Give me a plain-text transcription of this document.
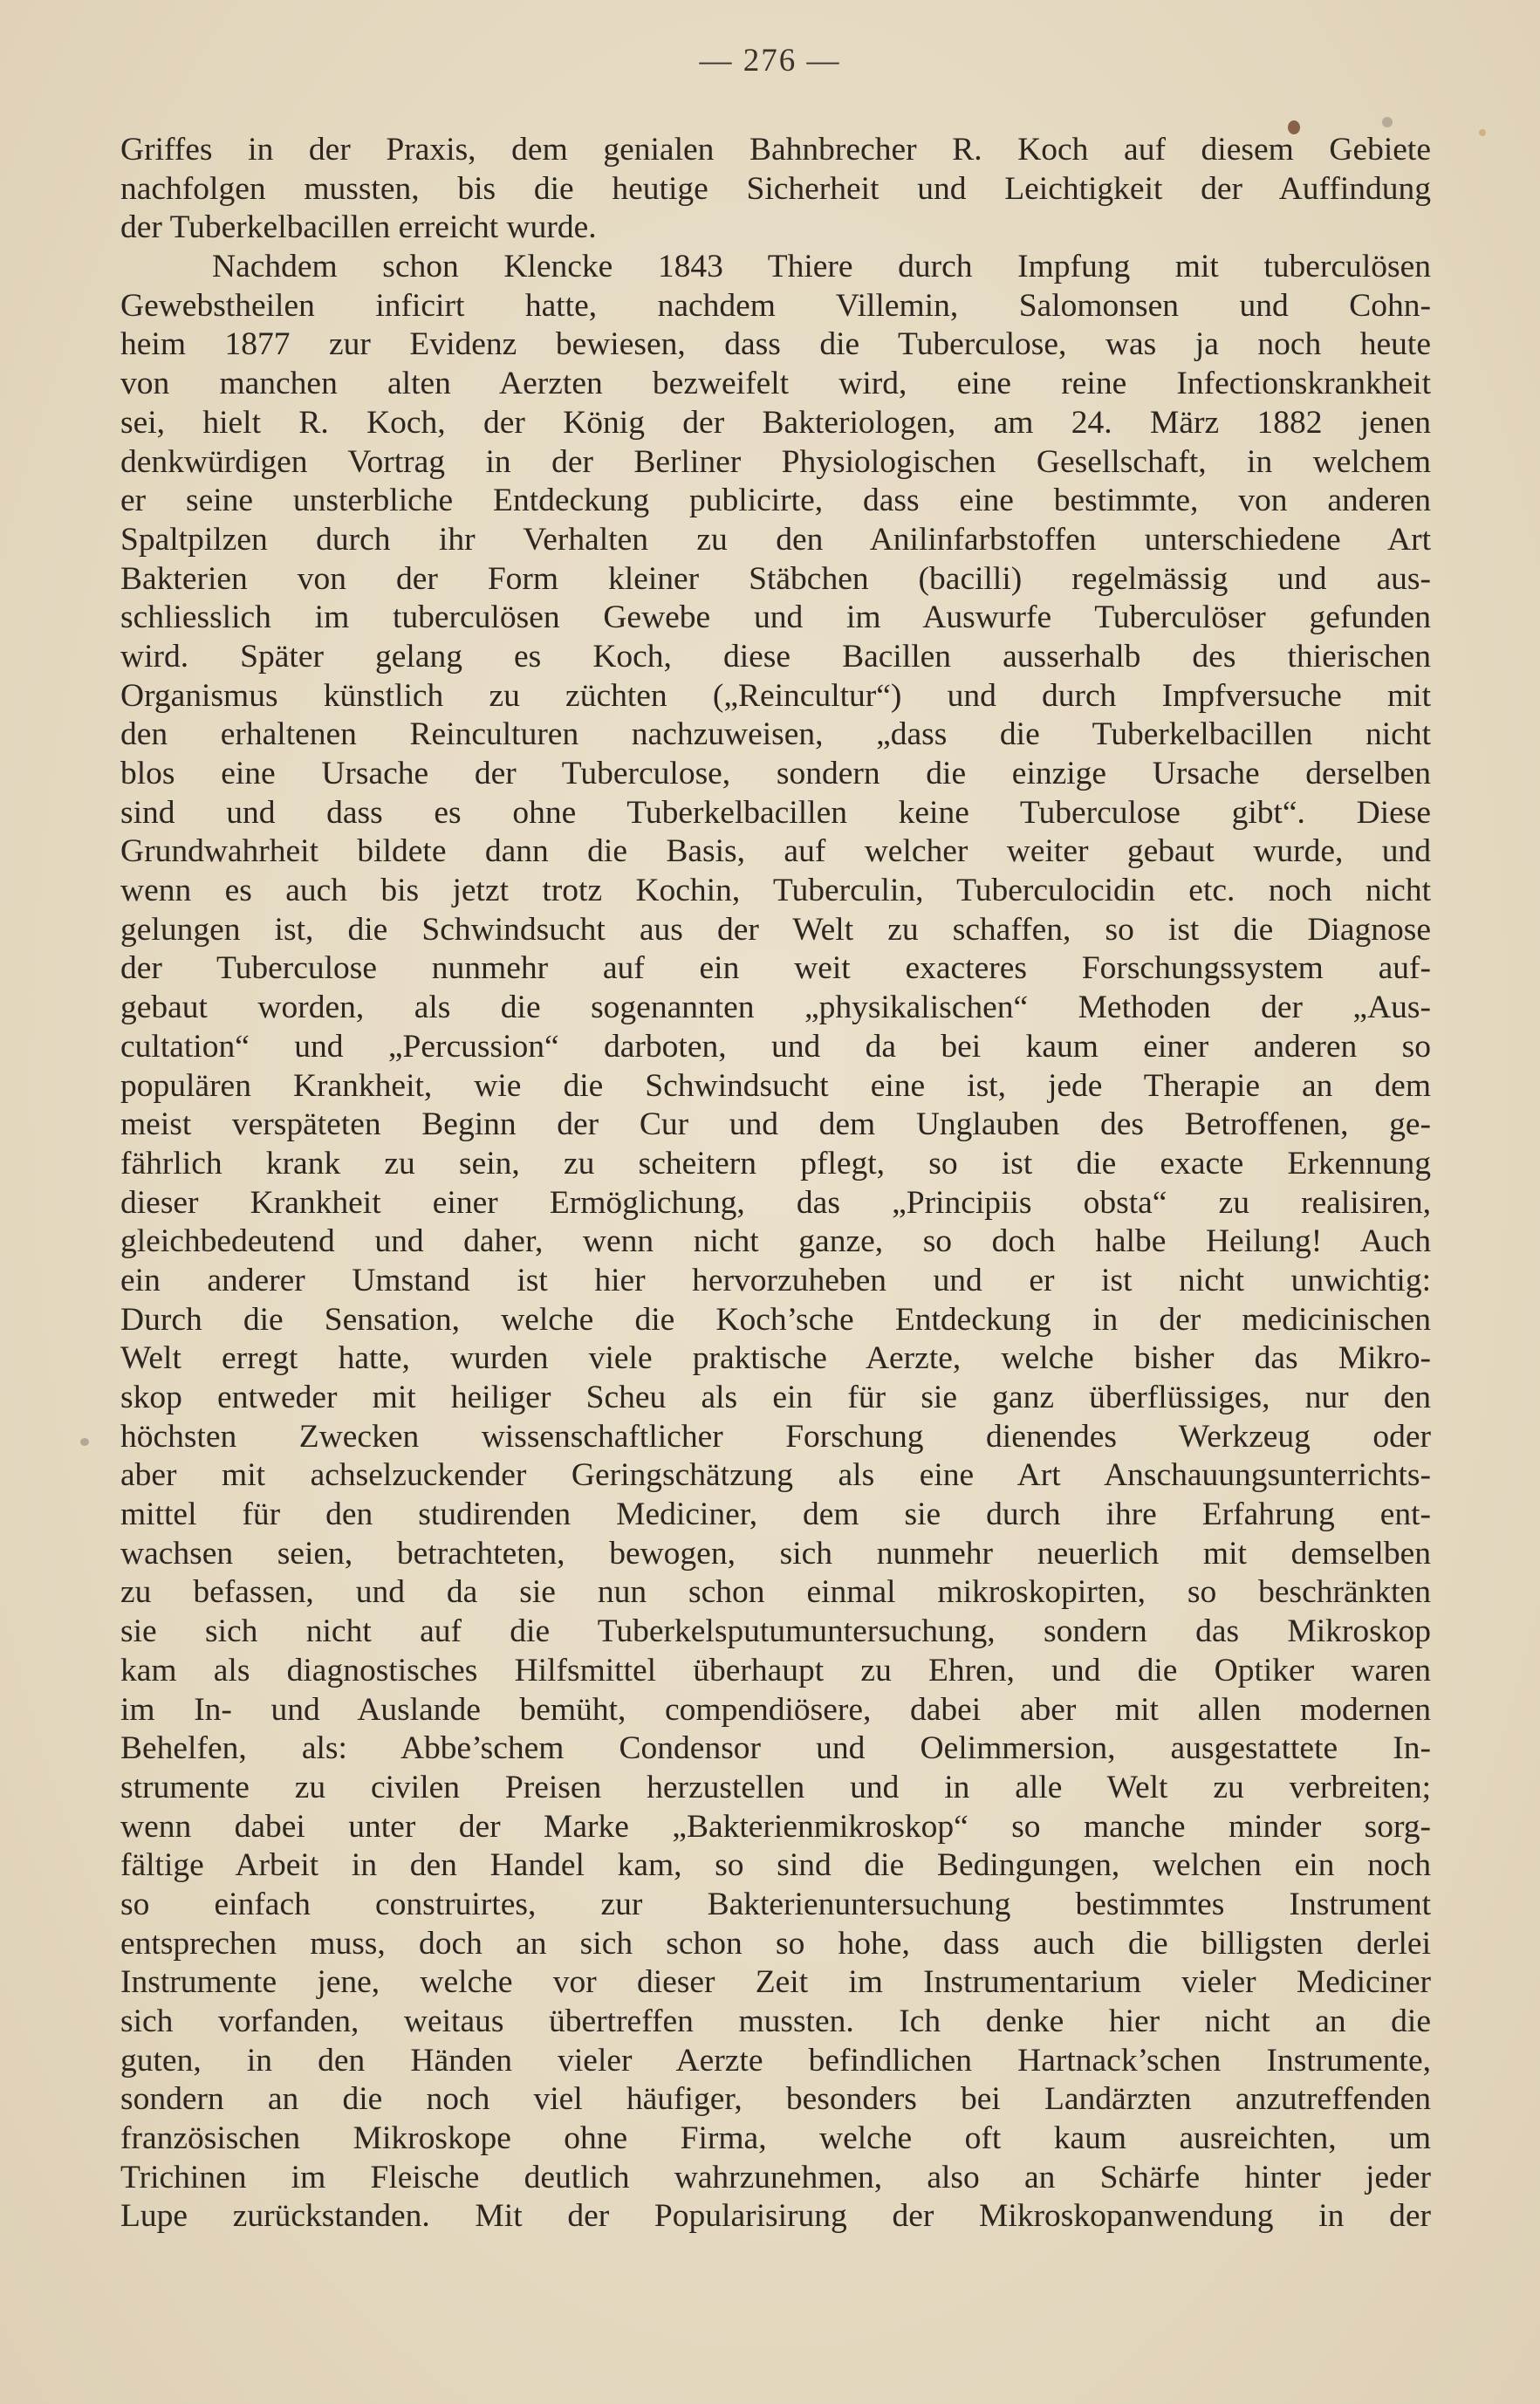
— 276 —
Griffes in der Praxis, dem genialen Bahnbrecher R. Koch auf diesem Gebiete
nachfolgen mussten, bis die heutige Sicherheit und Leichtigkeit der Auffindung
der Tuberkelbacillen erreicht wurde.
Nachdem schon Klencke 1843 Thiere durch Impfung mit tuberculösen
Gewebstheilen inficirt hatte, nachdem Villemin, Salomonsen und Cohn-
heim 1877 zur Evidenz bewiesen, dass die Tuberculose, was ja noch heute
von manchen alten Aerzten bezweifelt wird, eine reine Infectionskrankheit
sei, hielt R. Koch, der König der Bakteriologen, am 24. März 1882 jenen
denkwürdigen Vortrag in der Berliner Physiologischen Gesellschaft, in welchem
er seine unsterbliche Entdeckung publicirte, dass eine bestimmte, von anderen
Spaltpilzen durch ihr Verhalten zu den Anilinfarbstoffen unterschiedene Art
Bakterien von der Form kleiner Stäbchen (bacilli) regelmässig und aus-
schliesslich im tuberculösen Gewebe und im Auswurfe Tuberculöser gefunden
wird. Später gelang es Koch, diese Bacillen ausserhalb des thierischen
Organismus künstlich zu züchten („Reincultur“) und durch Impfversuche mit
den erhaltenen Reinculturen nachzuweisen, „dass die Tuberkelbacillen nicht
blos eine Ursache der Tuberculose, sondern die einzige Ursache derselben
sind und dass es ohne Tuberkelbacillen keine Tuberculose gibt“. Diese
Grundwahrheit bildete dann die Basis, auf welcher weiter gebaut wurde, und
wenn es auch bis jetzt trotz Kochin, Tuberculin, Tuberculocidin etc. noch nicht
gelungen ist, die Schwindsucht aus der Welt zu schaffen, so ist die Diagnose
der Tuberculose nunmehr auf ein weit exacteres Forschungssystem auf-
gebaut worden, als die sogenannten „physikalischen“ Methoden der „Aus-
cultation“ und „Percussion“ darboten, und da bei kaum einer anderen so
populären Krankheit, wie die Schwindsucht eine ist, jede Therapie an dem
meist verspäteten Beginn der Cur und dem Unglauben des Betroffenen, ge-
fährlich krank zu sein, zu scheitern pflegt, so ist die exacte Erkennung
dieser Krankheit einer Ermöglichung, das „Principiis obsta“ zu realisiren,
gleichbedeutend und daher, wenn nicht ganze, so doch halbe Heilung! Auch
ein anderer Umstand ist hier hervorzuheben und er ist nicht unwichtig:
Durch die Sensation, welche die Koch’sche Entdeckung in der medicinischen
Welt erregt hatte, wurden viele praktische Aerzte, welche bisher das Mikro-
skop entweder mit heiliger Scheu als ein für sie ganz überflüssiges, nur den
höchsten Zwecken wissenschaftlicher Forschung dienendes Werkzeug oder
aber mit achselzuckender Geringschätzung als eine Art Anschauungsunterrichts-
mittel für den studirenden Mediciner, dem sie durch ihre Erfahrung ent-
wachsen seien, betrachteten, bewogen, sich nunmehr neuerlich mit demselben
zu befassen, und da sie nun schon einmal mikroskopirten, so beschränkten
sie sich nicht auf die Tuberkelsputumuntersuchung, sondern das Mikroskop
kam als diagnostisches Hilfsmittel überhaupt zu Ehren, und die Optiker waren
im In- und Auslande bemüht, compendiösere, dabei aber mit allen modernen
Behelfen, als: Abbe’schem Condensor und Oelimmersion, ausgestattete In-
strumente zu civilen Preisen herzustellen und in alle Welt zu verbreiten;
wenn dabei unter der Marke „Bakterienmikroskop“ so manche minder sorg-
fältige Arbeit in den Handel kam, so sind die Bedingungen, welchen ein noch
so einfach construirtes, zur Bakterienuntersuchung bestimmtes Instrument
entsprechen muss, doch an sich schon so hohe, dass auch die billigsten derlei
Instrumente jene, welche vor dieser Zeit im Instrumentarium vieler Mediciner
sich vorfanden, weitaus übertreffen mussten. Ich denke hier nicht an die
guten, in den Händen vieler Aerzte befindlichen Hartnack’schen Instrumente,
sondern an die noch viel häufiger, besonders bei Landärzten anzutreffenden
französischen Mikroskope ohne Firma, welche oft kaum ausreichten, um
Trichinen im Fleische deutlich wahrzunehmen, also an Schärfe hinter jeder
Lupe zurückstanden. Mit der Popularisirung der Mikroskopanwendung in der
